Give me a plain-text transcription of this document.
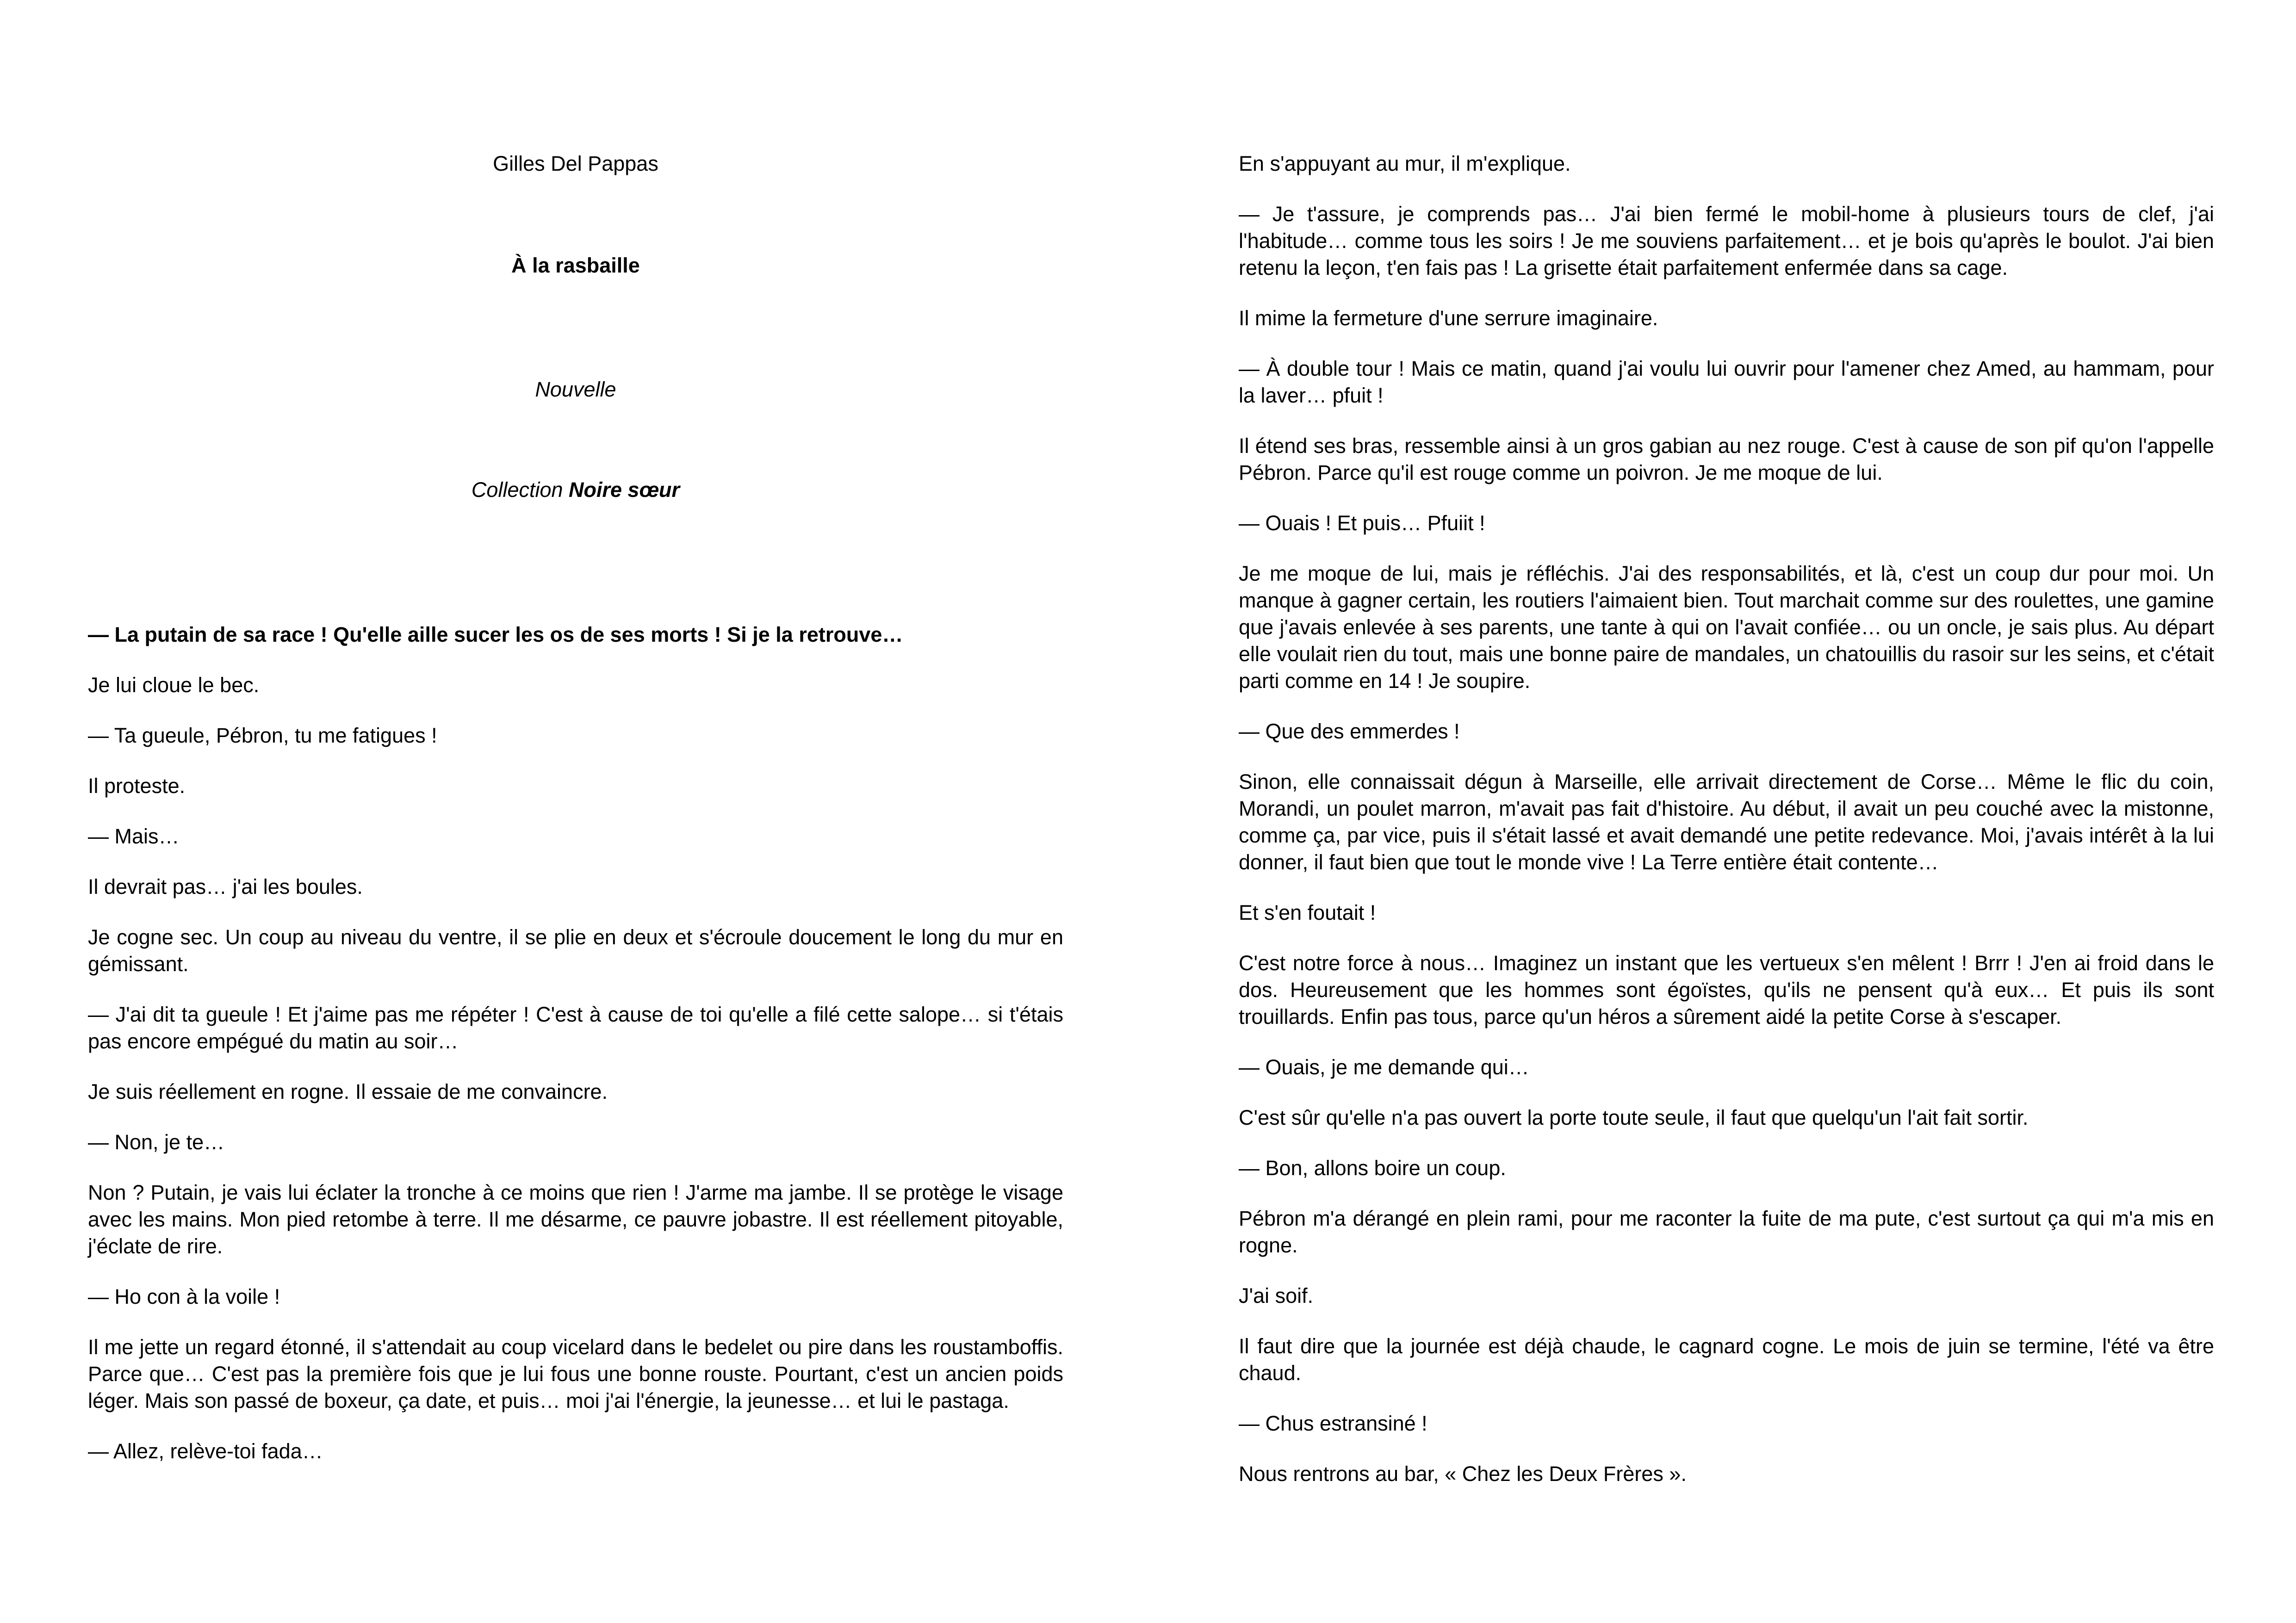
Gilles Del Pappas
À la rasbaille
Nouvelle
Collection Noire sœur

— La putain de sa race ! Qu'elle aille sucer les os de ses morts ! Si je la retrouve…

Je lui cloue le bec.

— Ta gueule, Pébron, tu me fatigues !

Il proteste.

— Mais…

Il devrait pas… j'ai les boules.

Je cogne sec. Un coup au niveau du ventre, il se plie en deux et s'écroule doucement le long du mur en gémissant.

— J'ai dit ta gueule ! Et j'aime pas me répéter ! C'est à cause de toi qu'elle a filé cette salope… si t'étais pas encore empégué du matin au soir…

Je suis réellement en rogne. Il essaie de me convaincre.

— Non, je te…

Non ? Putain, je vais lui éclater la tronche à ce moins que rien ! J'arme ma jambe. Il se protège le visage avec les mains. Mon pied retombe à terre. Il me désarme, ce pauvre jobastre. Il est réellement pitoyable, j'éclate de rire.

— Ho con à la voile !

Il me jette un regard étonné, il s'attendait au coup vicelard dans le bedelet ou pire dans les roustamboffis. Parce que… C'est pas la première fois que je lui fous une bonne rouste. Pourtant, c'est un ancien poids léger. Mais son passé de boxeur, ça date, et puis… moi j'ai l'énergie, la jeunesse… et lui le pastaga.

— Allez, relève-toi fada…

En s'appuyant au mur, il m'explique.

— Je t'assure, je comprends pas… J'ai bien fermé le mobil-home à plusieurs tours de clef, j'ai l'habitude… comme tous les soirs ! Je me souviens parfaitement… et je bois qu'après le boulot. J'ai bien retenu la leçon, t'en fais pas ! La grisette était parfaitement enfermée dans sa cage.

Il mime la fermeture d'une serrure imaginaire.

— À double tour ! Mais ce matin, quand j'ai voulu lui ouvrir pour l'amener chez Amed, au hammam, pour la laver… pfuit !

Il étend ses bras, ressemble ainsi à un gros gabian au nez rouge. C'est à cause de son pif qu'on l'appelle Pébron. Parce qu'il est rouge comme un poivron. Je me moque de lui.

— Ouais ! Et puis… Pfuiit !

Je me moque de lui, mais je réfléchis. J'ai des responsabilités, et là, c'est un coup dur pour moi. Un manque à gagner certain, les routiers l'aimaient bien. Tout marchait comme sur des roulettes, une gamine que j'avais enlevée à ses parents, une tante à qui on l'avait confiée… ou un oncle, je sais plus. Au départ elle voulait rien du tout, mais une bonne paire de mandales, un chatouillis du rasoir sur les seins, et c'était parti comme en 14 ! Je soupire.

— Que des emmerdes !

Sinon, elle connaissait dégun à Marseille, elle arrivait directement de Corse… Même le flic du coin, Morandi, un poulet marron, m'avait pas fait d'histoire. Au début, il avait un peu couché avec la mistonne, comme ça, par vice, puis il s'était lassé et avait demandé une petite redevance. Moi, j'avais intérêt à la lui donner, il faut bien que tout le monde vive ! La Terre entière était contente…

Et s'en foutait !

C'est notre force à nous… Imaginez un instant que les vertueux s'en mêlent ! Brrr ! J'en ai froid dans le dos. Heureusement que les hommes sont égoïstes, qu'ils ne pensent qu'à eux… Et puis ils sont trouillards. Enfin pas tous, parce qu'un héros a sûrement aidé la petite Corse à s'escaper.

— Ouais, je me demande qui…

C'est sûr qu'elle n'a pas ouvert la porte toute seule, il faut que quelqu'un l'ait fait sortir.

— Bon, allons boire un coup.

Pébron m'a dérangé en plein rami, pour me raconter la fuite de ma pute, c'est surtout ça qui m'a mis en rogne.

J'ai soif.

Il faut dire que la journée est déjà chaude, le cagnard cogne. Le mois de juin se termine, l'été va être chaud.

— Chus estransiné !

Nous rentrons au bar, « Chez les Deux Frères ».
